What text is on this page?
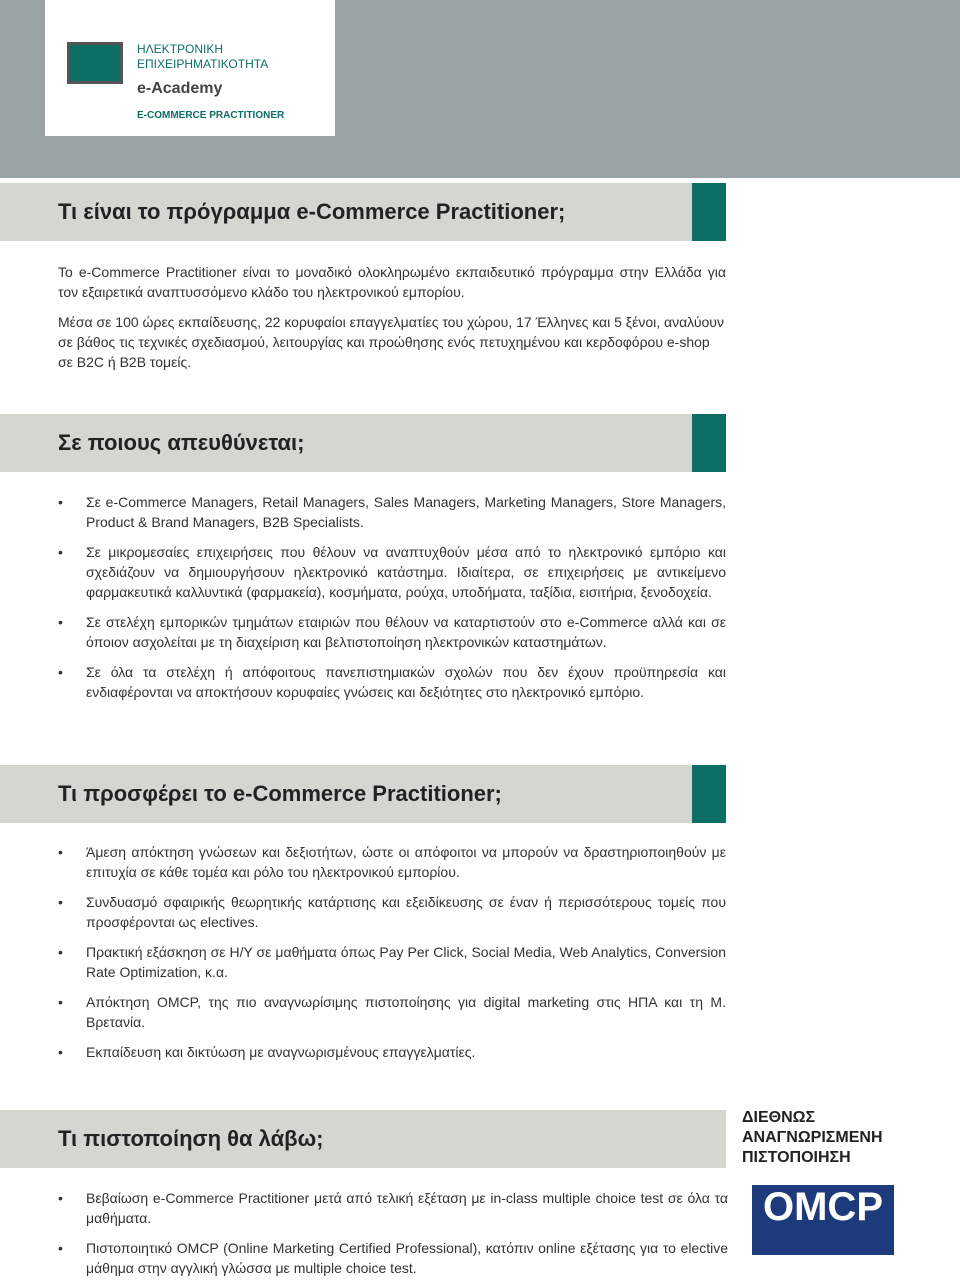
ΗΛΕΚΤΡΟΝΙΚΗ
ΕΠΙΧΕΙΡΗΜΑΤΙΚΟΤΗΤΑ
e-Academy
E-COMMERCE PRACTITIONER
Τι είναι το πρόγραμμα e-Commerce Practitioner;

Το e-Commerce Practitioner είναι το μοναδικό ολοκληρωμένο εκπαιδευτικό πρόγραμμα στην Ελλάδα για τον εξαιρετικά αναπτυσσόμενο κλάδο του ηλεκτρονικού εμπορίου.

Μέσα σε 100 ώρες εκπαίδευσης, 22 κορυφαίοι επαγγελματίες του χώρου, 17 Έλληνες και 5 ξένοι, αναλύουν σε βάθος τις τεχνικές σχεδιασμού, λειτουργίας και προώθησης ενός πετυχημένου και κερδοφόρου e-shop σε B2C ή B2B τομείς.

Σε ποιους απευθύνεται;
• Σε e-Commerce Managers, Retail Managers, Sales Managers, Marketing Managers, Store Managers, Product & Brand Managers, B2B Specialists.
• Σε μικρομεσαίες επιχειρήσεις που θέλουν να αναπτυχθούν μέσα από το ηλεκτρονικό εμπόριο και σχεδιάζουν να δημιουργήσουν ηλεκτρονικό κατάστημα. Ιδιαίτερα, σε επιχειρήσεις με αντικείμενο φαρμακευτικά καλλυντικά (φαρμακεία), κοσμήματα, ρούχα, υποδήματα, ταξίδια, εισιτήρια, ξενοδοχεία.
• Σε στελέχη εμπορικών τμημάτων εταιριών που θέλουν να καταρτιστούν στο e-Commerce αλλά και σε όποιον ασχολείται με τη διαχείριση και βελτιστοποίηση ηλεκτρονικών καταστημάτων.
• Σε όλα τα στελέχη ή απόφοιτους πανεπιστημιακών σχολών που δεν έχουν προϋπηρεσία και ενδιαφέρονται να αποκτήσουν κορυφαίες γνώσεις και δεξιότητες στο ηλεκτρονικό εμπόριο.
Τι προσφέρει το e-Commerce Practitioner;
• Άμεση απόκτηση γνώσεων και δεξιοτήτων, ώστε οι απόφοιτοι να μπορούν να δραστηριοποιηθούν με επιτυχία σε κάθε τομέα και ρόλο του ηλεκτρονικού εμπορίου.
• Συνδυασμό σφαιρικής θεωρητικής κατάρτισης και εξειδίκευσης σε έναν ή περισσότερους τομείς που προσφέρονται ως electives.
• Πρακτική εξάσκηση σε Η/Υ σε μαθήματα όπως Pay Per Click, Social Media, Web Analytics, Conversion Rate Optimization, κ.α.
• Απόκτηση OMCP, της πιο αναγνωρίσιμης πιστοποίησης για digital marketing στις ΗΠΑ και τη Μ. Βρετανία.
• Εκπαίδευση και δικτύωση με αναγνωρισμένους επαγγελματίες.
Τι πιστοποίηση θα λάβω;
ΔΙΕΘΝΩΣ ΑΝΑΓΝΩΡΙΣΜΕΝΗ ΠΙΣΤΟΠΟΙΗΣΗ
OMCP
• Βεβαίωση e-Commerce Practitioner μετά από τελική εξέταση με in-class multiple choice test σε όλα τα μαθήματα.
• Πιστοποιητικό OMCP (Online Marketing Certified Professional), κατόπιν online εξέτασης για το elective μάθημα στην αγγλική γλώσσα με multiple choice test.
